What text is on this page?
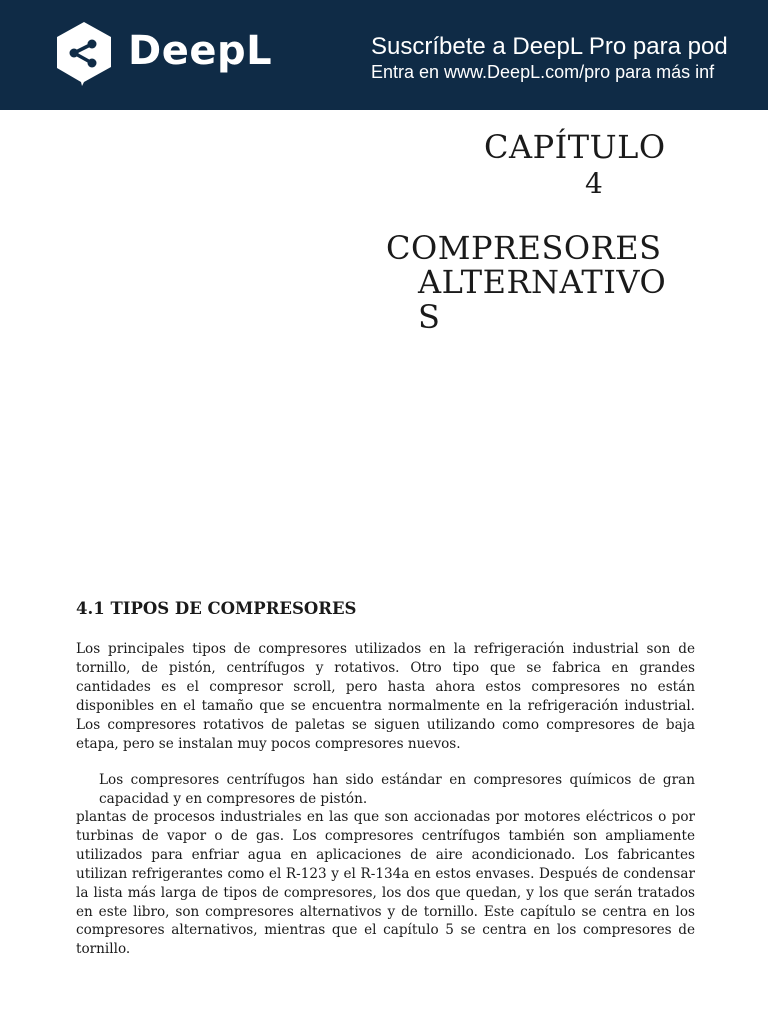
DeepL	Suscríbete a DeepL Pro para pod
Entra en www.DeepL.com/pro para más inf
CAPÍTULO
4
COMPRESORES
ALTERNATIVO
S
4.1 TIPOS DE COMPRESORES

Los principales tipos de compresores utilizados en la refrigeración industrial son de tornillo, de pistón, centrífugos y rotativos. Otro tipo que se fabrica en grandes cantidades es el compresor scroll, pero hasta ahora estos compresores no están disponibles en el tamaño que se encuentra normalmente en la refrigeración industrial. Los compresores rotativos de paletas se siguen utilizando como compresores de baja etapa, pero se instalan muy pocos compresores nuevos.

Los compresores centrífugos han sido estándar en compresores químicos de gran capacidad y en compresores de pistón.

plantas de procesos industriales en las que son accionadas por motores eléctricos o por turbinas de vapor o de gas. Los compresores centrífugos también son ampliamente utilizados para enfriar agua en aplicaciones de aire acondicionado. Los fabricantes utilizan refrigerantes como el R-123 y el R-134a en estos envases. Después de condensar la lista más larga de tipos de compresores, los dos que quedan, y los que serán tratados en este libro, son compresores alternativos y de tornillo. Este capítulo se centra en los compresores alternativos, mientras que el capítulo 5 se centra en los compresores de tornillo.
